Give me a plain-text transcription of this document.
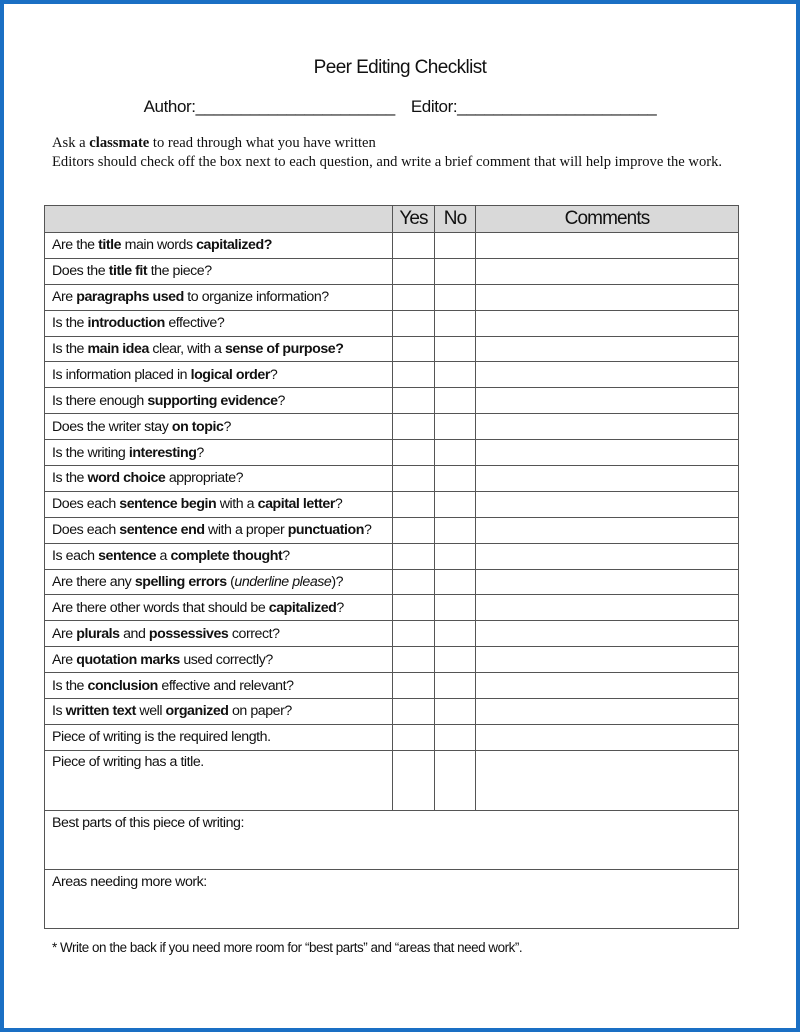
Peer Editing Checklist
Author:______________________ Editor:______________________
Ask a classmate to read through what you have written
Editors should check off the box next to each question, and write a brief comment that will help improve the work.
	Yes	No	Comments
Are the title main words capitalized?			
Does the title fit the piece?			
Are paragraphs used to organize information?			
Is the introduction effective?			
Is the main idea clear, with a sense of purpose?			
Is information placed in logical order?			
Is there enough supporting evidence?			
Does the writer stay on topic?			
Is the writing interesting?			
Is the word choice appropriate?			
Does each sentence begin with a capital letter?			
Does each sentence end with a proper punctuation?			
Is each sentence a complete thought?			
Are there any spelling errors (underline please)?			
Are there other words that should be capitalized?			
Are plurals and possessives correct?			
Are quotation marks used correctly?			
Is the conclusion effective and relevant?			
Is written text well organized on paper?			
Piece of writing is the required length.			
Piece of writing has a title.			
Best parts of this piece of writing:			
Areas needing more work:			
* Write on the back if you need more room for “best parts” and “areas that need work”.
